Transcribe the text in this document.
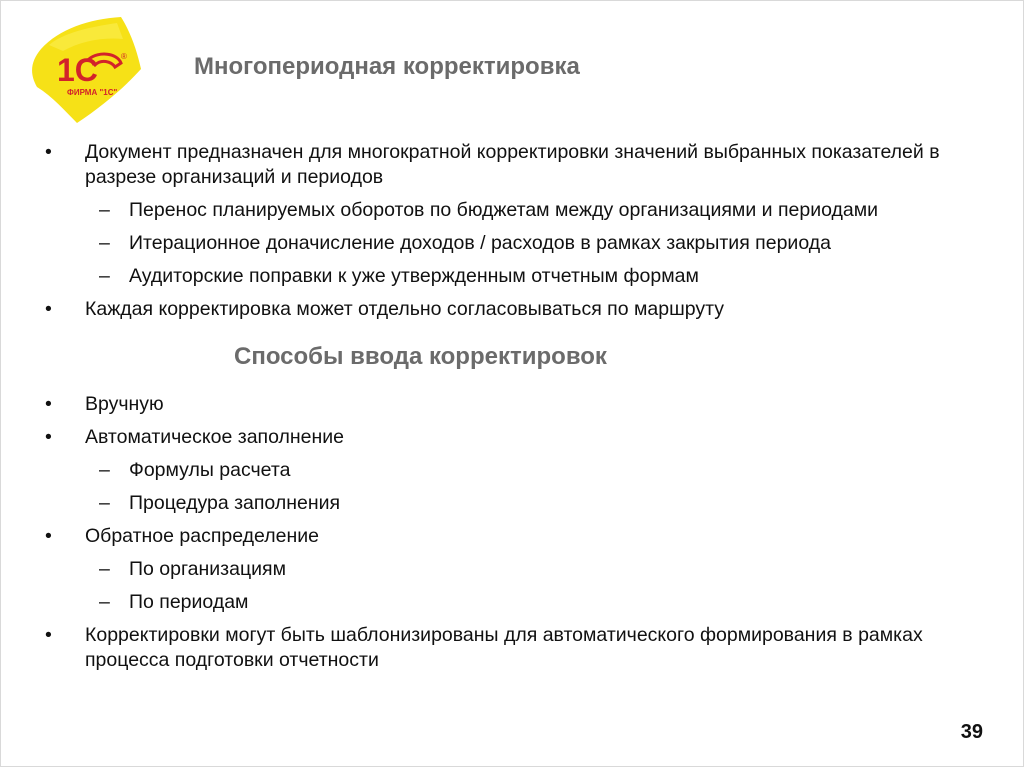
1С	®
ФИРМА "1С"
Многопериодная корректировка
• Документ предназначен для многократной корректировки значений выбранных показателей в разрезе организаций и периодов
– Перенос планируемых оборотов по бюджетам между организациями и периодами
– Итерационное доначисление доходов / расходов в рамках закрытия периода
– Аудиторские поправки к уже утвержденным отчетным формам
• Каждая корректировка может отдельно согласовываться по маршруту
Способы ввода корректировок
• Вручную
• Автоматическое заполнение
– Формулы расчета
– Процедура заполнения
• Обратное распределение
– По организациям
– По периодам
• Корректировки могут быть шаблонизированы для автоматического формирования в рамках процесса подготовки отчетности
39
